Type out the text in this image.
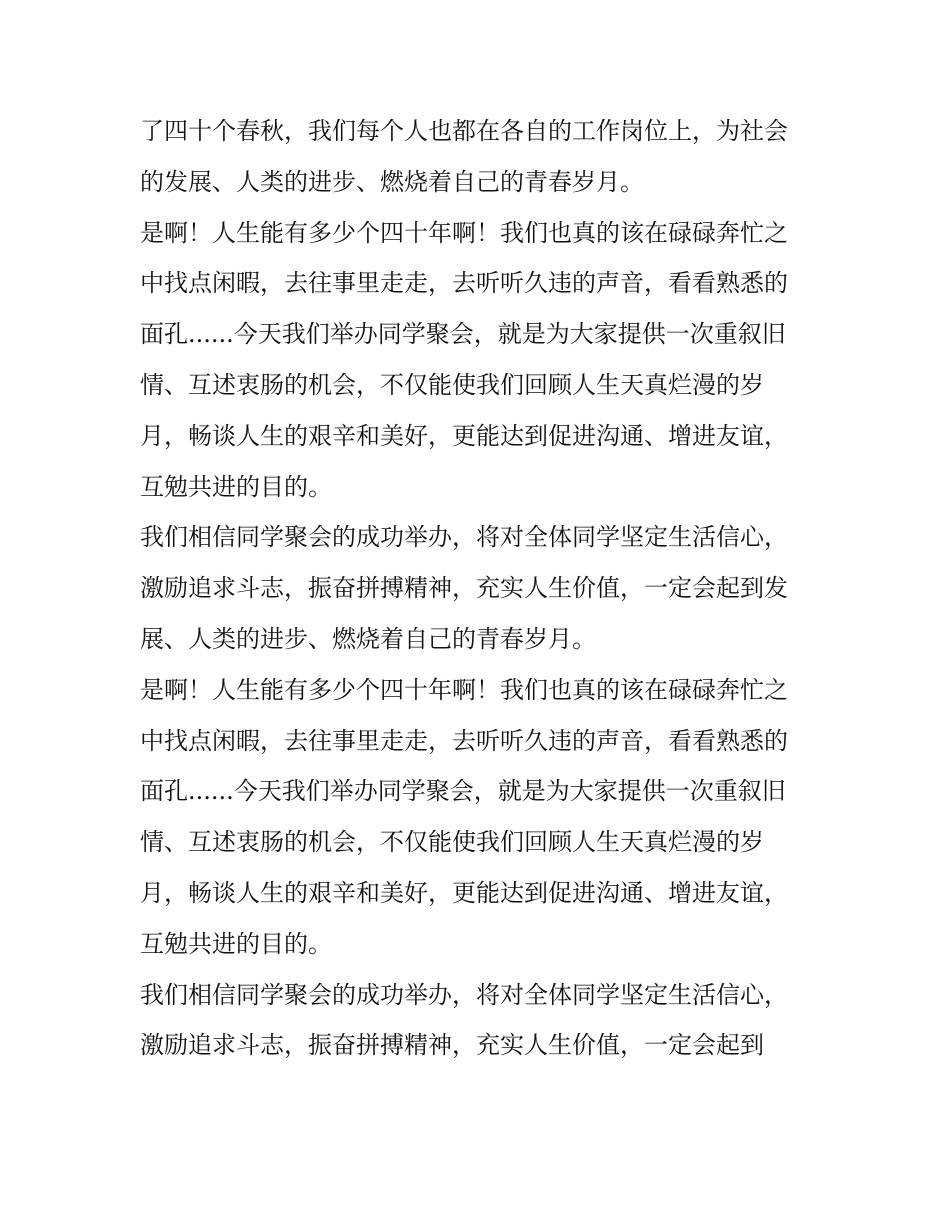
了四十个春秋，我们每个人也都在各自的工作岗位上，为社会
的发展、人类的进步、燃烧着自己的青春岁月。
是啊！人生能有多少个四十年啊！我们也真的该在碌碌奔忙之
中找点闲暇，去往事里走走，去听听久违的声音，看看熟悉的
面孔......今天我们举办同学聚会，就是为大家提供一次重叙旧
情、互述衷肠的机会，不仅能使我们回顾人生天真烂漫的岁
月，畅谈人生的艰辛和美好，更能达到促进沟通、增进友谊，
互勉共进的目的。
我们相信同学聚会的成功举办，将对全体同学坚定生活信心，
激励追求斗志，振奋拼搏精神，充实人生价值，一定会起到发
展、人类的进步、燃烧着自己的青春岁月。
是啊！人生能有多少个四十年啊！我们也真的该在碌碌奔忙之
中找点闲暇，去往事里走走，去听听久违的声音，看看熟悉的
面孔......今天我们举办同学聚会，就是为大家提供一次重叙旧
情、互述衷肠的机会，不仅能使我们回顾人生天真烂漫的岁
月，畅谈人生的艰辛和美好，更能达到促进沟通、增进友谊，
互勉共进的目的。
我们相信同学聚会的成功举办，将对全体同学坚定生活信心，
激励追求斗志，振奋拼搏精神，充实人生价值，一定会起到
